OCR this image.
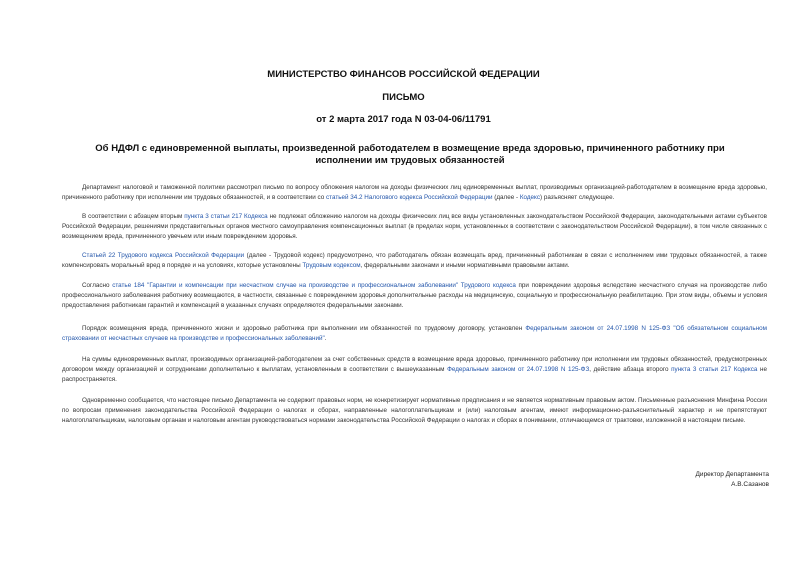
МИНИСТЕРСТВО ФИНАНСОВ РОССИЙСКОЙ ФЕДЕРАЦИИ
ПИСЬМО
от 2 марта 2017 года N 03-04-06/11791
Об НДФЛ с единовременной выплаты, произведенной работодателем в возмещение вреда здоровью, причиненного работнику при исполнении им трудовых обязанностей
Департамент налоговой и таможенной политики рассмотрел письмо по вопросу обложения налогом на доходы физических лиц единовременных выплат, производимых организацией-работодателем в возмещение вреда здоровью, причиненного работнику при исполнении им трудовых обязанностей, и в соответствии со статьей 34.2 Налогового кодекса Российской Федерации (далее - Кодекс) разъясняет следующее.
В соответствии с абзацем вторым пункта 3 статьи 217 Кодекса не подлежат обложению налогом на доходы физических лиц все виды установленных законодательством Российской Федерации, законодательными актами субъектов Российской Федерации, решениями представительных органов местного самоуправления компенсационных выплат (в пределах норм, установленных в соответствии с законодательством Российской Федерации), в том числе связанных с возмещением вреда, причиненного увечьем или иным повреждением здоровья.
Статьей 22 Трудового кодекса Российской Федерации (далее - Трудовой кодекс) предусмотрено, что работодатель обязан возмещать вред, причиненный работникам в связи с исполнением ими трудовых обязанностей, а также компенсировать моральный вред в порядке и на условиях, которые установлены Трудовым кодексом, федеральными законами и иными нормативными правовыми актами.
Согласно статье 184 "Гарантии и компенсации при несчастном случае на производстве и профессиональном заболевании" Трудового кодекса при повреждении здоровья вследствие несчастного случая на производстве либо профессионального заболевания работнику возмещаются, в частности, связанные с повреждением здоровья дополнительные расходы на медицинскую, социальную и профессиональную реабилитацию. При этом виды, объемы и условия предоставления работникам гарантий и компенсаций в указанных случаях определяются федеральными законами.
Порядок возмещения вреда, причиненного жизни и здоровью работника при выполнении им обязанностей по трудовому договору, установлен Федеральным законом от 24.07.1998 N 125-ФЗ "Об обязательном социальном страховании от несчастных случаев на производстве и профессиональных заболеваний".
На суммы единовременных выплат, производимых организацией-работодателем за счет собственных средств в возмещение вреда здоровью, причиненного работнику при исполнении им трудовых обязанностей, предусмотренных договором между организацией и сотрудниками дополнительно к выплатам, установленным в соответствии с вышеуказанным Федеральным законом от 24.07.1998 N 125-ФЗ, действие абзаца второго пункта 3 статьи 217 Кодекса не распространяется.
Одновременно сообщается, что настоящее письмо Департамента не содержит правовых норм, не конкретизирует нормативные предписания и не является нормативным правовым актом. Письменные разъяснения Минфина России по вопросам применения законодательства Российской Федерации о налогах и сборах, направленные налогоплательщикам и (или) налоговым агентам, имеют информационно-разъяснительный характер и не препятствуют налогоплательщикам, налоговым органам и налоговым агентам руководствоваться нормами законодательства Российской Федерации о налогах и сборах в понимании, отличающемся от трактовки, изложенной в настоящем письме.
Директор Департамента
А.В.Сазанов
